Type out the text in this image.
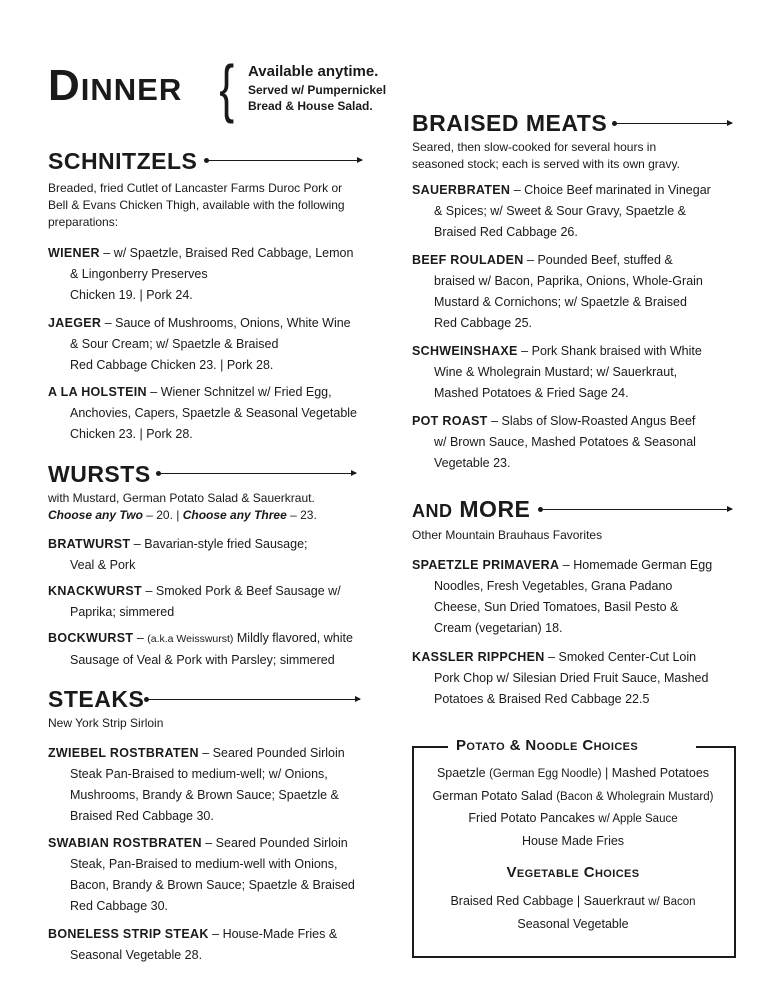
Dinner { Available anytime.
Served w/ Pumpernickel
Bread & House Salad.
SCHNITZELS
Breaded, fried Cutlet of Lancaster Farms Duroc Pork or
Bell & Evans Chicken Thigh, available with the following
preparations:
WIENER – w/ Spaetzle, Braised Red Cabbage, Lemon
& Lingonberry Preserves
Chicken 19. | Pork 24.
JAEGER – Sauce of Mushrooms, Onions, White Wine
& Sour Cream; w/ Spaetzle & Braised
Red Cabbage Chicken 23. | Pork 28.
A LA HOLSTEIN – Wiener Schnitzel w/ Fried Egg,
Anchovies, Capers, Spaetzle & Seasonal Vegetable
Chicken 23. | Pork 28.
WURSTS
with Mustard, German Potato Salad & Sauerkraut.
Choose any Two – 20. | Choose any Three – 23.
BRATWURST – Bavarian-style fried Sausage;
Veal & Pork
KNACKWURST – Smoked Pork & Beef Sausage w/
Paprika; simmered
BOCKWURST – (a.k.a Weisswurst) Mildly flavored, white
Sausage of Veal & Pork with Parsley; simmered
STEAKS
New York Strip Sirloin
ZWIEBEL ROSTBRATEN – Seared Pounded Sirloin
Steak Pan-Braised to medium-well; w/ Onions,
Mushrooms, Brandy & Brown Sauce; Spaetzle &
Braised Red Cabbage 30.
SWABIAN ROSTBRATEN – Seared Pounded Sirloin
Steak, Pan-Braised to medium-well with Onions,
Bacon, Brandy & Brown Sauce; Spaetzle & Braised
Red Cabbage 30.
BONELESS STRIP STEAK – House-Made Fries &
Seasonal Vegetable 28.
BRAISED MEATS
Seared, then slow-cooked for several hours in
seasoned stock; each is served with its own gravy.
SAUERBRATEN – Choice Beef marinated in Vinegar
& Spices; w/ Sweet & Sour Gravy, Spaetzle &
Braised Red Cabbage 26.
BEEF ROULADEN – Pounded Beef, stuffed &
braised w/ Bacon, Paprika, Onions, Whole-Grain
Mustard & Cornichons; w/ Spaetzle & Braised
Red Cabbage 25.
SCHWEINSHAXE – Pork Shank braised with White
Wine & Wholegrain Mustard; w/ Sauerkraut,
Mashed Potatoes & Fried Sage 24.
POT ROAST – Slabs of Slow-Roasted Angus Beef
w/ Brown Sauce, Mashed Potatoes & Seasonal
Vegetable 23.
AND MORE
Other Mountain Brauhaus Favorites
SPAETZLE PRIMAVERA – Homemade German Egg
Noodles, Fresh Vegetables, Grana Padano
Cheese, Sun Dried Tomatoes, Basil Pesto &
Cream (vegetarian) 18.
KASSLER RIPPCHEN – Smoked Center-Cut Loin
Pork Chop w/ Silesian Dried Fruit Sauce, Mashed
Potatoes & Braised Red Cabbage 22.5
Potato & Noodle Choices
Spaetzle (German Egg Noodle) | Mashed Potatoes
German Potato Salad (Bacon & Wholegrain Mustard)
Fried Potato Pancakes w/ Apple Sauce
House Made Fries
Vegetable Choices
Braised Red Cabbage | Sauerkraut w/ Bacon
Seasonal Vegetable
